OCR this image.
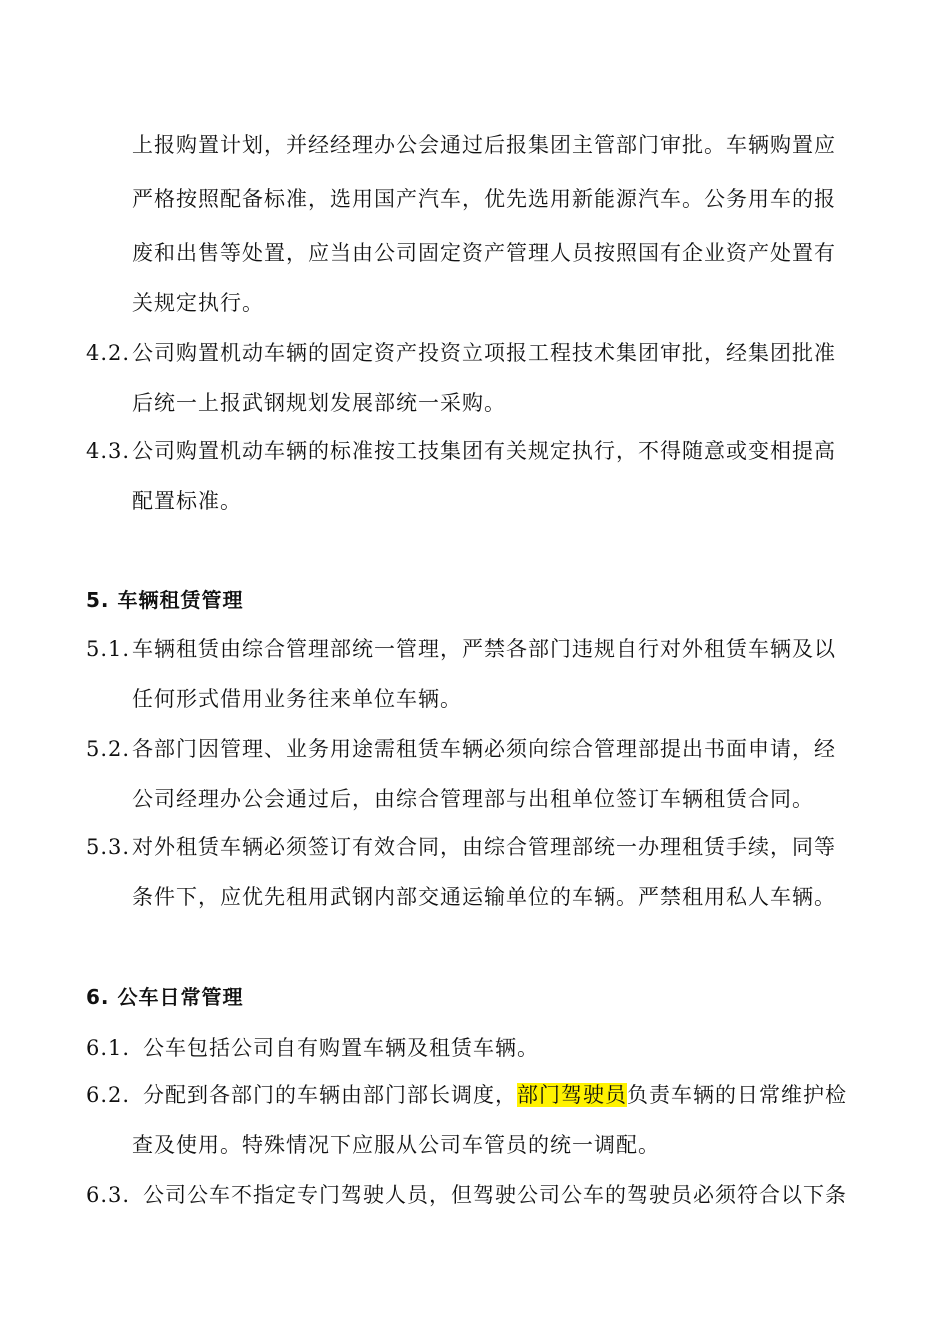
上报购置计划，并经经理办公会通过后报集团主管部门审批。车辆购置应
严格按照配备标准，选用国产汽车，优先选用新能源汽车。公务用车的报
废和出售等处置，应当由公司固定资产管理人员按照国有企业资产处置有
关规定执行。
4.2. 公司购置机动车辆的固定资产投资立项报工程技术集团审批，经集团批准
后统一上报武钢规划发展部统一采购。
4.3. 公司购置机动车辆的标准按工技集团有关规定执行，不得随意或变相提高
配置标准。
5. 车辆租赁管理
5.1. 车辆租赁由综合管理部统一管理，严禁各部门违规自行对外租赁车辆及以
任何形式借用业务往来单位车辆。
5.2. 各部门因管理、业务用途需租赁车辆必须向综合管理部提出书面申请，经
公司经理办公会通过后，由综合管理部与出租单位签订车辆租赁合同。
5.3. 对外租赁车辆必须签订有效合同，由综合管理部统一办理租赁手续，同等
条件下，应优先租用武钢内部交通运输单位的车辆。严禁租用私人车辆。
6. 公车日常管理
6.1. 公车包括公司自有购置车辆及租赁车辆。
6.2. 分配到各部门的车辆由部门部长调度，部门驾驶员负责车辆的日常维护检
查及使用。特殊情况下应服从公司车管员的统一调配。
6.3. 公司公车不指定专门驾驶人员，但驾驶公司公车的驾驶员必须符合以下条
